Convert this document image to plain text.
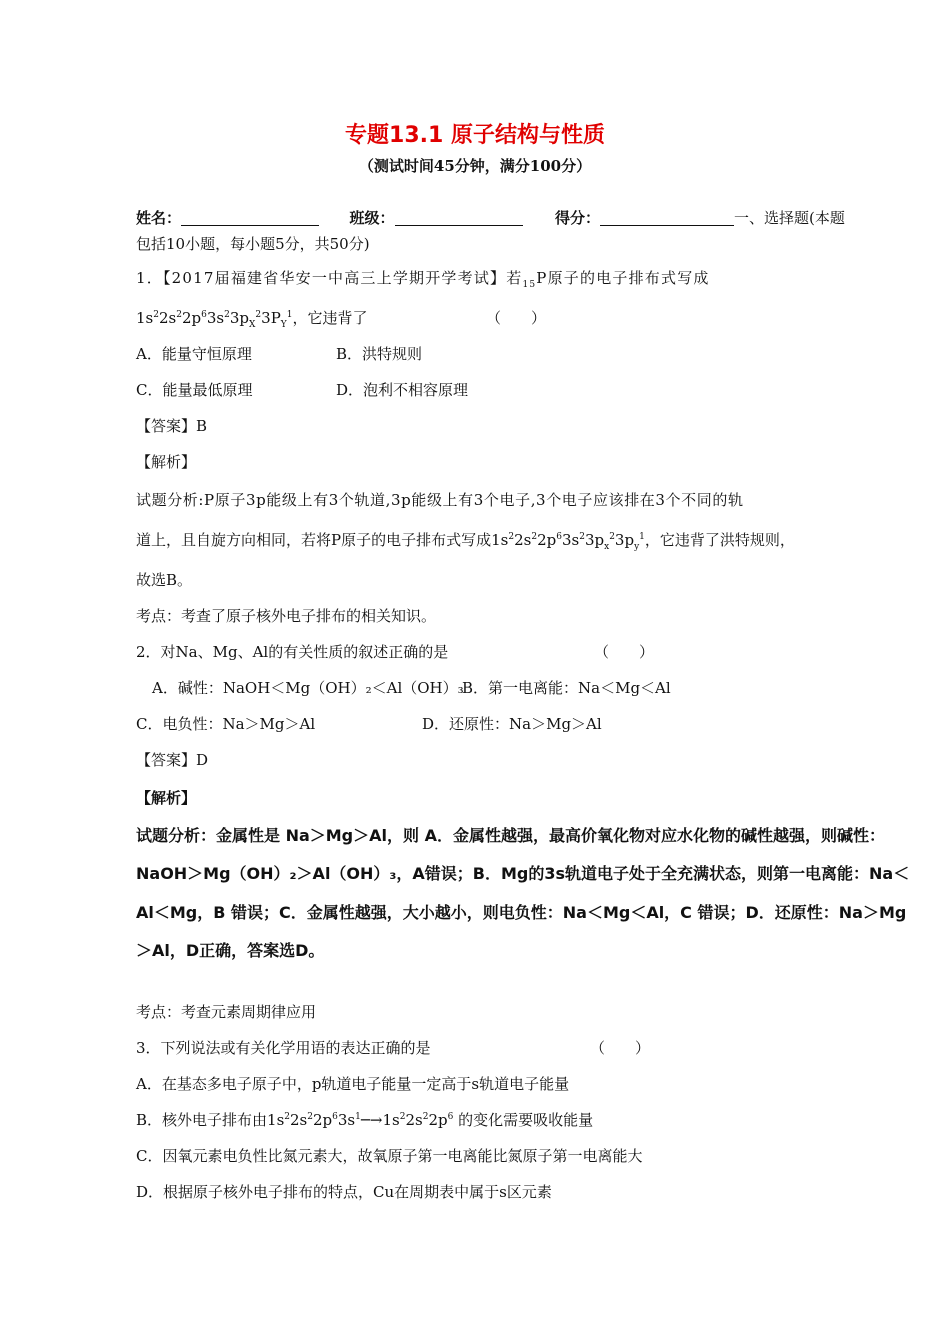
专题13.1 原子结构与性质
（测试时间45分钟，满分100分）
姓名：	班级：	得分：	一、选择题(本题
包括10小题，每小题5分，共50分)
1．【2017届福建省华安一中高三上学期开学考试】若$_{15}$P原子的电子排布式写成
$1s^22s^22p^63s^23p_X^23P_Y^1$，它违背了	（　　）
A．能量守恒原理	B．洪特规则
C．能量最低原理	D．泡利不相容原理
【答案】B
【解析】
试题分析:P原子3p能级上有3个轨道,3p能级上有3个电子,3个电子应该排在3个不同的轨
道上，且自旋方向相同，若将P原子的电子排布式写成$1s^22s^22p^63s^23p_x^23p_y^1$，它违背了洪特规则，
故选B。
考点：考查了原子核外电子排布的相关知识。
2．对Na、Mg、Al的有关性质的叙述正确的是	（　　）
A．碱性：NaOH＜Mg（OH）₂＜Al（OH）₃
B．第一电离能：Na＜Mg＜Al
C．电负性：Na＞Mg＞Al	D．还原性：Na＞Mg＞Al
【答案】D
【解析】
试题分析：金属性是 Na＞Mg＞Al，则 A．金属性越强，最高价氧化物对应水化物的碱性越强，则碱性：
NaOH＞Mg（OH）₂＞Al（OH）₃，A错误；B．Mg的3s轨道电子处于全充满状态，则第一电离能：Na＜
Al＜Mg，B 错误；C．金属性越强，大小越小，则电负性：Na＜Mg＜Al，C 错误；D．还原性：Na＞Mg
＞Al，D正确，答案选D。
考点：考查元素周期律应用
3．下列说法或有关化学用语的表达正确的是	（　　）
A．在基态多电子原子中，p轨道电子能量一定高于s轨道电子能量
B．核外电子排布由$1s^22s^22p^63s^1─\to 1s^22s^22p^6$ 的变化需要吸收能量
C．因氧元素电负性比氮元素大，故氧原子第一电离能比氮原子第一电离能大
D．根据原子核外电子排布的特点，Cu在周期表中属于s区元素
